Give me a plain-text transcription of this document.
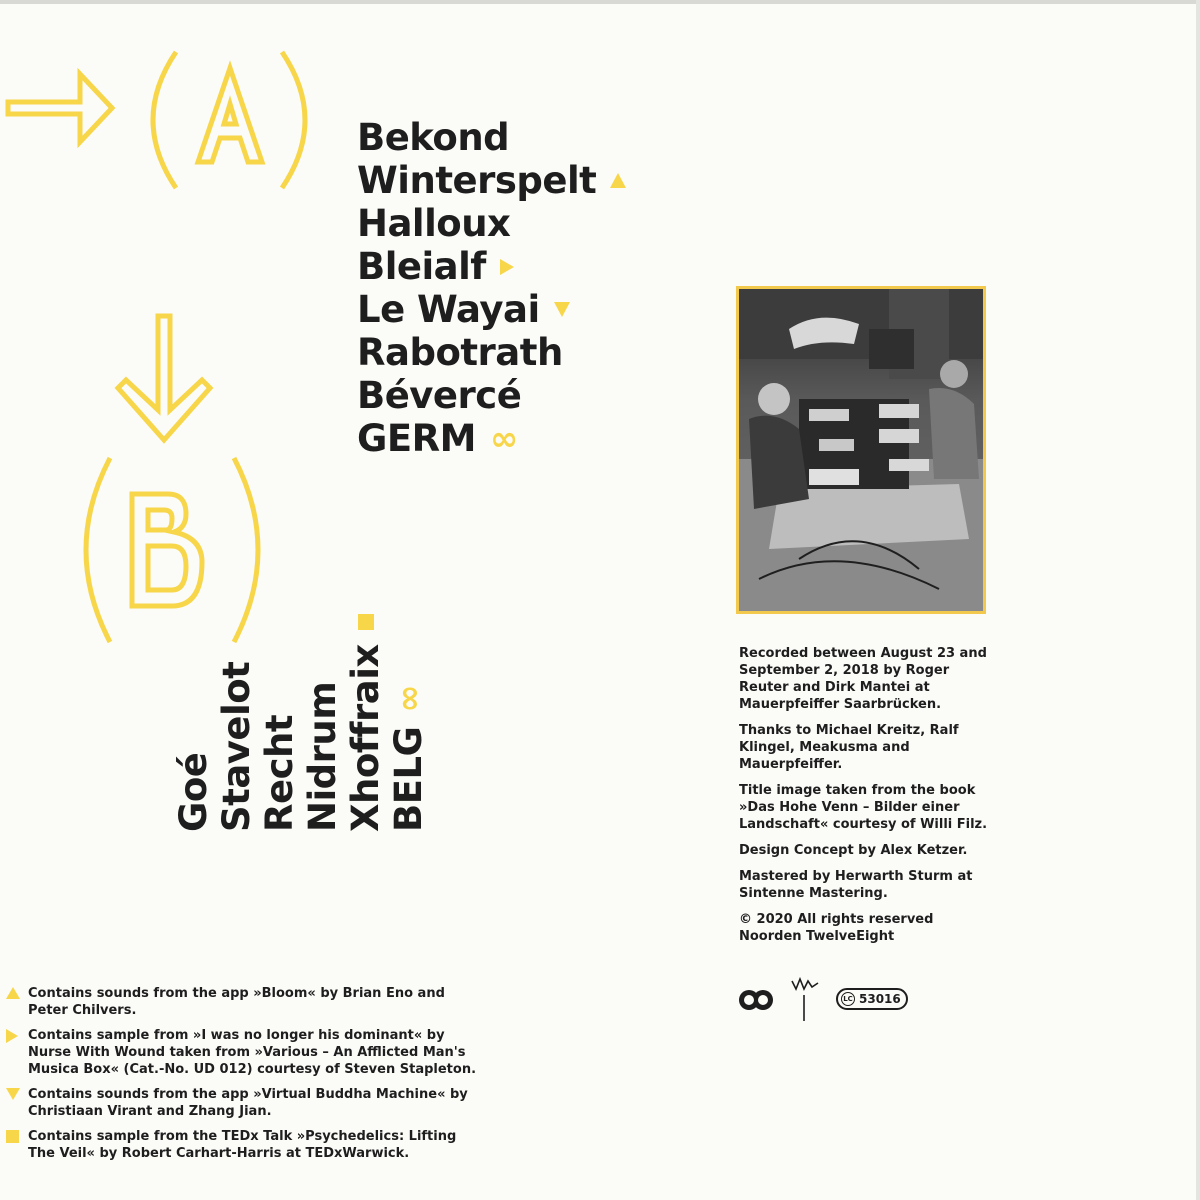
Bekond
Winterspelt
Halloux
Bleialf
Le Wayai
Rabotrath
Bévercé
GERM ∞
Goé Stavelot Recht Nidrum Xhoffraix BELG
∞

Recorded between August 23 and September 2, 2018 by Roger Reuter and Dirk Mantei at Mauerpfeiffer Saarbrücken.

Thanks to Michael Kreitz, Ralf Klingel, Meakusma and Mauerpfeiffer.

Title image taken from the book »Das Hohe Venn – Bilder einer Landschaft« courtesy of Willi Filz.

Design Concept by Alex Ketzer.

Mastered by Herwarth Sturm at Sintenne Mastering.

© 2020 All rights reserved Noorden TwelveEight

LC 53016

Contains sounds from the app »Bloom« by Brian Eno and Peter Chilvers.

Contains sample from »I was no longer his dominant« by Nurse With Wound taken from »Various – An Afflicted Man's Musica Box« (Cat.-No. UD 012) courtesy of Steven Stapleton.

Contains sounds from the app »Virtual Buddha Machine« by Christiaan Virant and Zhang Jian.

Contains sample from the TEDx Talk »Psychedelics: Lifting The Veil« by Robert Carhart-Harris at TEDxWarwick.
